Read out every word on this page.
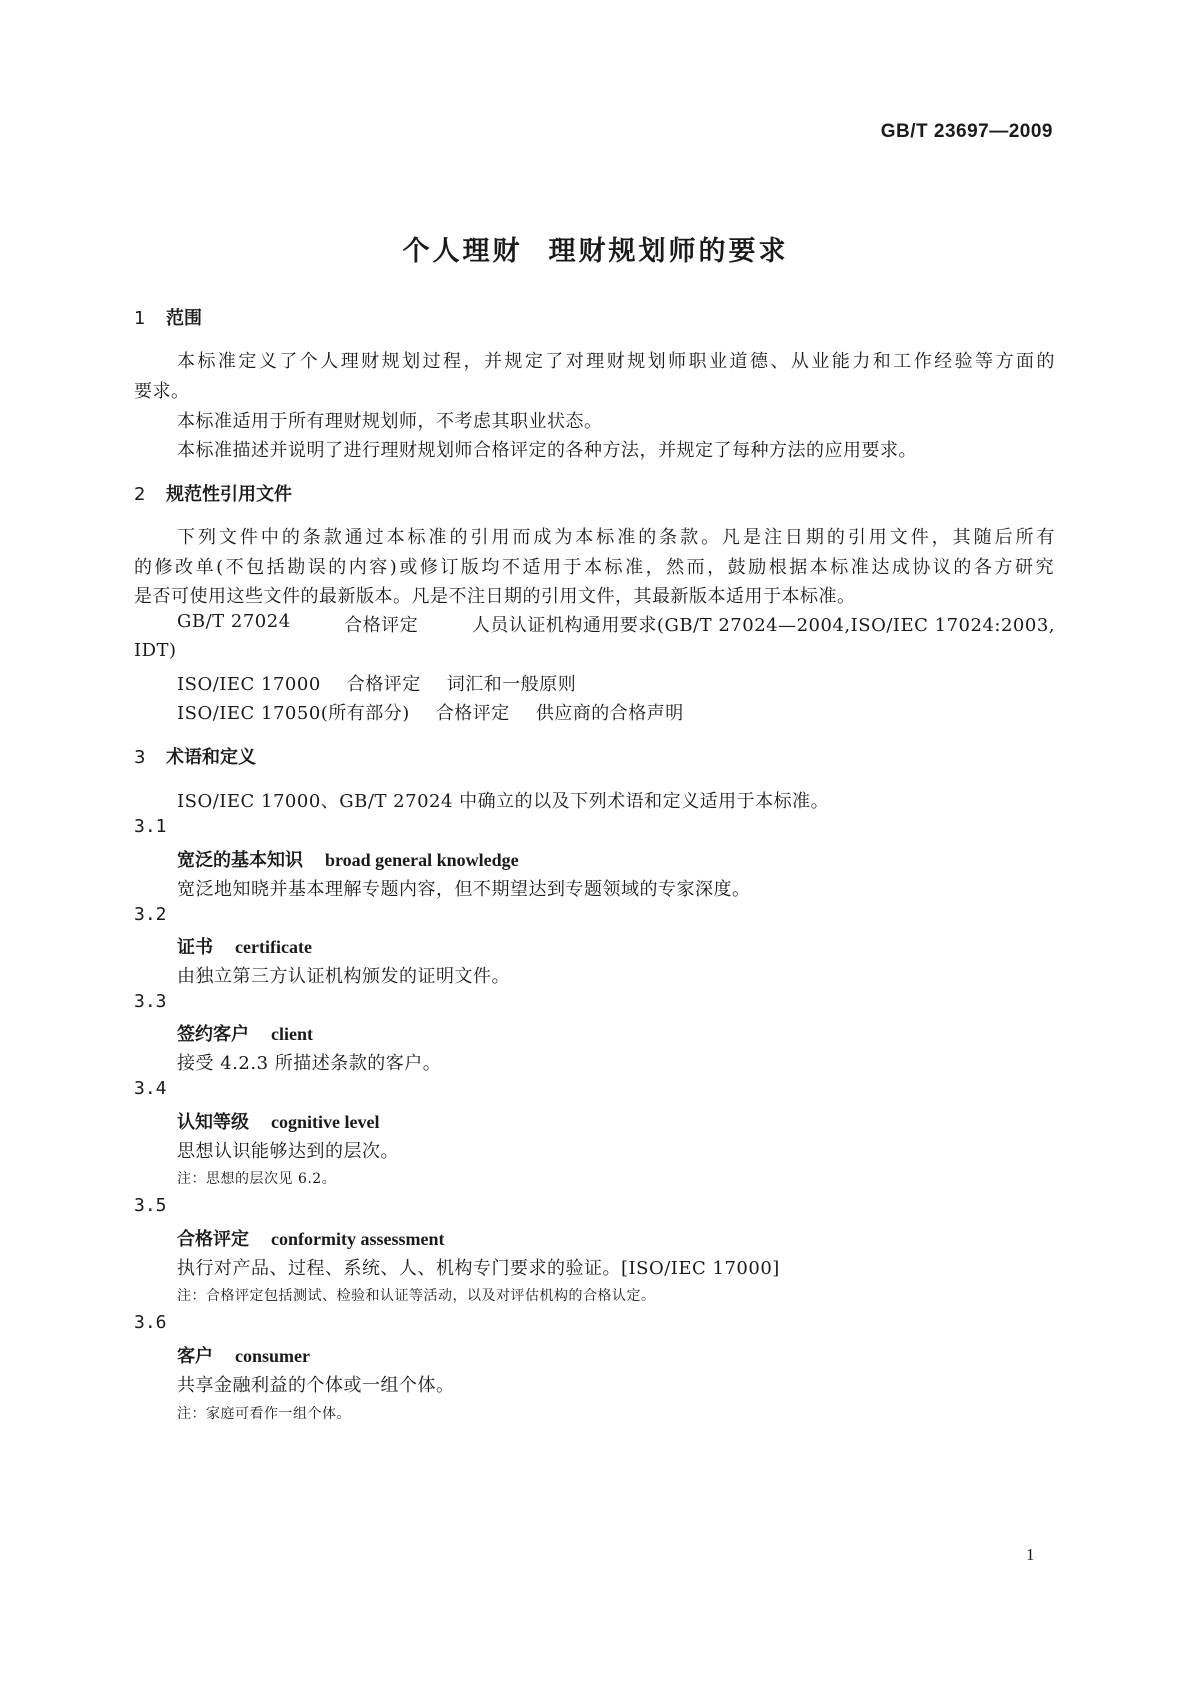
GB/T 23697—2009
个人理财 理财规划师的要求
1 范围
本标准定义了个人理财规划过程，并规定了对理财规划师职业道德、从业能力和工作经验等方面的
要求。
本标准适用于所有理财规划师，不考虑其职业状态。
本标准描述并说明了进行理财规划师合格评定的各种方法，并规定了每种方法的应用要求。
2 规范性引用文件
下列文件中的条款通过本标准的引用而成为本标准的条款。凡是注日期的引用文件，其随后所有
的修改单(不包括勘误的内容)或修订版均不适用于本标准，然而，鼓励根据本标准达成协议的各方研究
是否可使用这些文件的最新版本。凡是不注日期的引用文件，其最新版本适用于本标准。
GB/T 27024	合格评定	人员认证机构通用要求(GB/T 27024—2004,ISO/IEC 17024:2003,
IDT)
ISO/IEC 17000 合格评定 词汇和一般原则
ISO/IEC 17050(所有部分) 合格评定 供应商的合格声明
3 术语和定义
ISO/IEC 17000、GB/T 27024 中确立的以及下列术语和定义适用于本标准。
3.1
宽泛的基本知识 broad general knowledge
宽泛地知晓并基本理解专题内容，但不期望达到专题领域的专家深度。
3.2
证书 certificate
由独立第三方认证机构颁发的证明文件。
3.3
签约客户 client
接受 4.2.3 所描述条款的客户。
3.4
认知等级 cognitive level
思想认识能够达到的层次。
注：思想的层次见 6.2。
3.5
合格评定 conformity assessment
执行对产品、过程、系统、人、机构专门要求的验证。[ISO/IEC 17000]
注：合格评定包括测试、检验和认证等活动，以及对评估机构的合格认定。
3.6
客户 consumer
共享金融利益的个体或一组个体。
注：家庭可看作一组个体。
1
